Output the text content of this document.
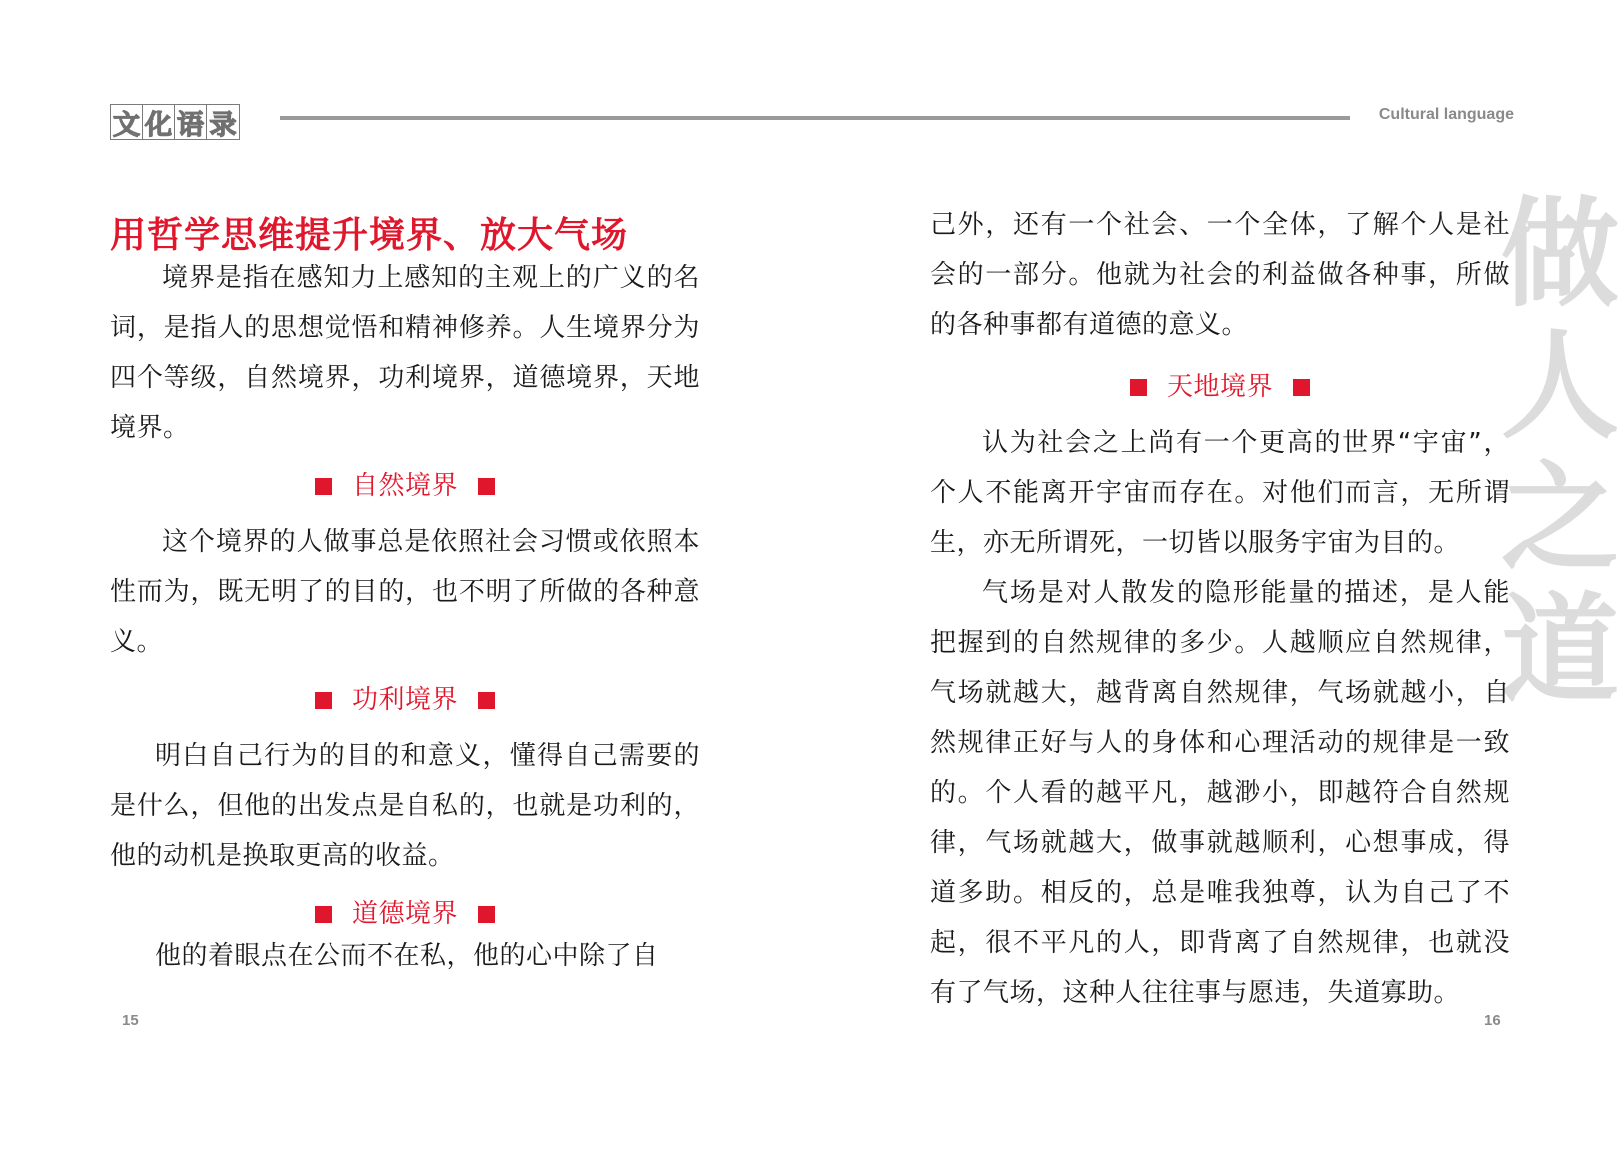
文 化 语 录	Cultural language
做
人
之
道
用哲学思维提升境界、放大气场

境界是指在感知力上感知的主观上的广义的名词，是指人的思想觉悟和精神修养。人生境界分为四个等级，自然境界，功利境界，道德境界，天地境界。

自然境界

这个境界的人做事总是依照社会习惯或依照本性而为，既无明了的目的，也不明了所做的各种意义。

功利境界

明白自己行为的目的和意义，懂得自己需要的是什么，但他的出发点是自私的，也就是功利的，他的动机是换取更高的收益。

道德境界

他的着眼点在公而不在私，他的心中除了自

己外，还有一个社会、一个全体，了解个人是社会的一部分。他就为社会的利益做各种事，所做的各种事都有道德的意义。

天地境界

认为社会之上尚有一个更高的世界“宇宙”，个人不能离开宇宙而存在。对他们而言，无所谓生，亦无所谓死，一切皆以服务宇宙为目的。

气场是对人散发的隐形能量的描述，是人能把握到的自然规律的多少。人越顺应自然规律，气场就越大，越背离自然规律，气场就越小，自然规律正好与人的身体和心理活动的规律是一致的。个人看的越平凡，越渺小，即越符合自然规律，气场就越大，做事就越顺利，心想事成，得道多助。相反的，总是唯我独尊，认为自己了不起，很不平凡的人，即背离了自然规律，也就没有了气场，这种人往往事与愿违，失道寡助。

15	16
